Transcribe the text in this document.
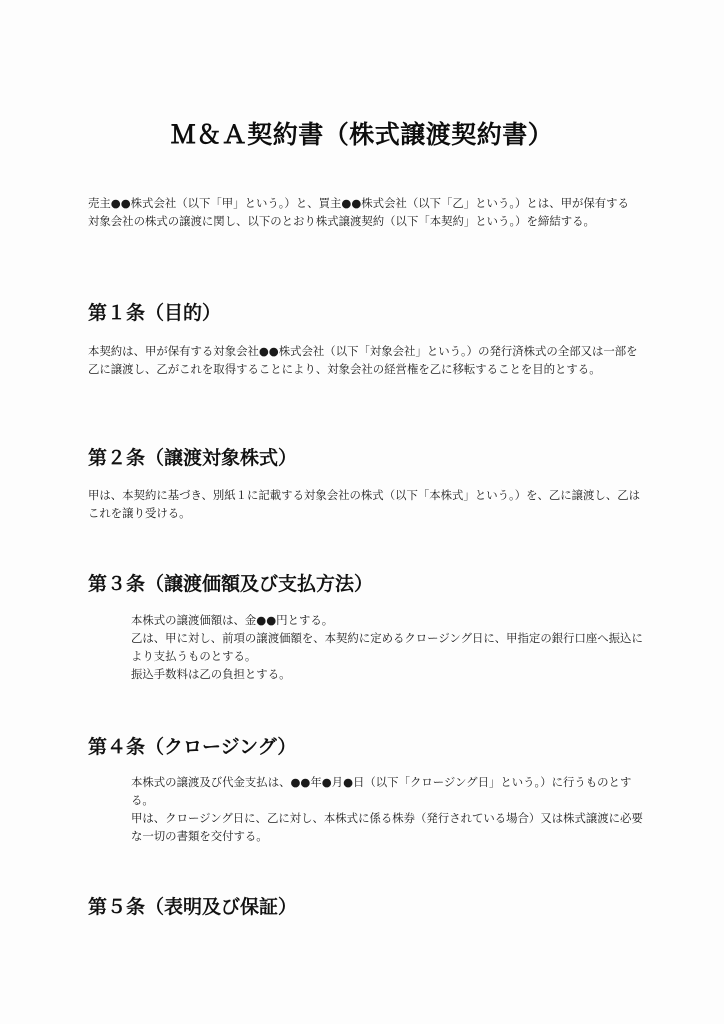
Ｍ＆Ａ契約書（株式譲渡契約書）
売主●●株式会社（以下「甲」という。）と、買主●●株式会社（以下「乙」という。）とは、甲が保有する対象会社の株式の譲渡に関し、以下のとおり株式譲渡契約（以下「本契約」という。）を締結する。
第１条（目的）

本契約は、甲が保有する対象会社●●株式会社（以下「対象会社」という。）の発行済株式の全部又は一部を乙に譲渡し、乙がこれを取得することにより、対象会社の経営権を乙に移転することを目的とする。

第２条（譲渡対象株式）

甲は、本契約に基づき、別紙１に記載する対象会社の株式（以下「本株式」という。）を、乙に譲渡し、乙はこれを譲り受ける。

第３条（譲渡価額及び支払方法）

本株式の譲渡価額は、金●●円とする。

乙は、甲に対し、前項の譲渡価額を、本契約に定めるクロージング日に、甲指定の銀行口座へ振込により支払うものとする。

振込手数料は乙の負担とする。

第４条（クロージング）

本株式の譲渡及び代金支払は、●●年●月●日（以下「クロージング日」という。）に行うものとする。

甲は、クロージング日に、乙に対し、本株式に係る株券（発行されている場合）又は株式譲渡に必要な一切の書類を交付する。

第５条（表明及び保証）
